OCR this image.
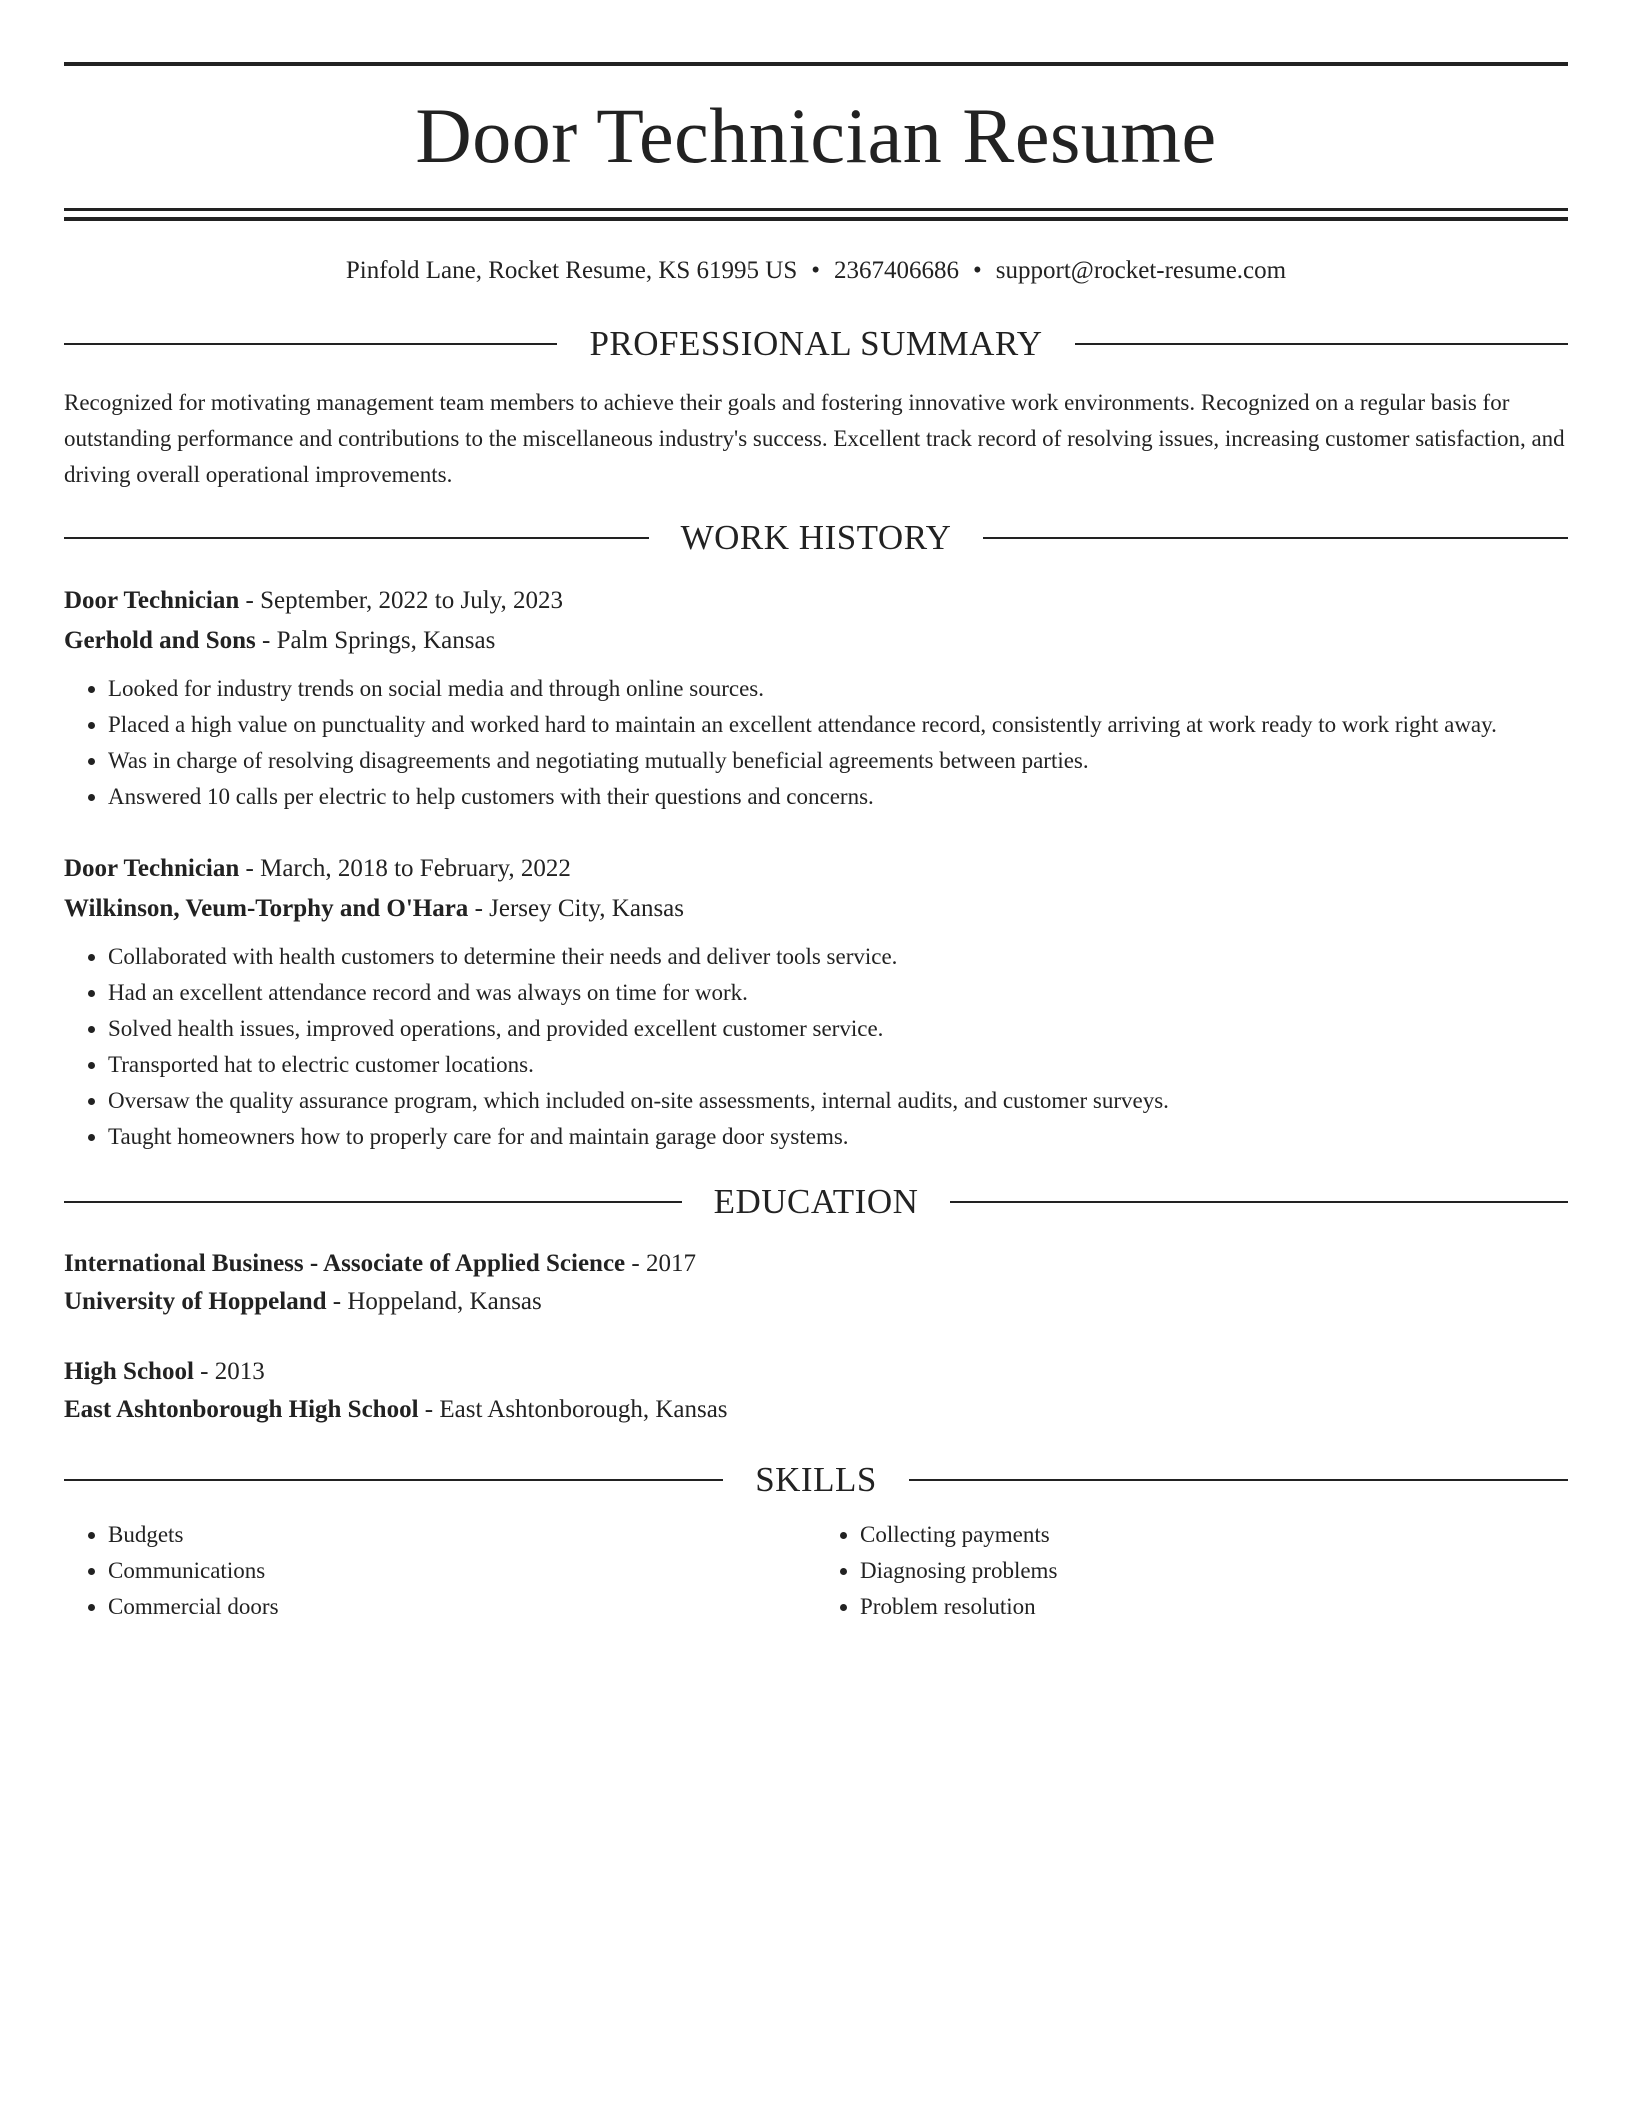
Door Technician Resume
Pinfold Lane, Rocket Resume, KS 61995 US • 2367406686 • support@rocket-resume.com
PROFESSIONAL SUMMARY

Recognized for motivating management team members to achieve their goals and fostering innovative work environments. Recognized on a regular basis for outstanding performance and contributions to the miscellaneous industry's success. Excellent track record of resolving issues, increasing customer satisfaction, and driving overall operational improvements.

WORK HISTORY
Door Technician - September, 2022 to July, 2023
Gerhold and Sons - Palm Springs, Kansas
• Looked for industry trends on social media and through online sources.
• Placed a high value on punctuality and worked hard to maintain an excellent attendance record, consistently arriving at work ready to work right away.
• Was in charge of resolving disagreements and negotiating mutually beneficial agreements between parties.
• Answered 10 calls per electric to help customers with their questions and concerns.
Door Technician - March, 2018 to February, 2022
Wilkinson, Veum-Torphy and O'Hara - Jersey City, Kansas
• Collaborated with health customers to determine their needs and deliver tools service.
• Had an excellent attendance record and was always on time for work.
• Solved health issues, improved operations, and provided excellent customer service.
• Transported hat to electric customer locations.
• Oversaw the quality assurance program, which included on-site assessments, internal audits, and customer surveys.
• Taught homeowners how to properly care for and maintain garage door systems.
EDUCATION
International Business - Associate of Applied Science - 2017
University of Hoppeland - Hoppeland, Kansas
High School - 2013
East Ashtonborough High School - East Ashtonborough, Kansas
SKILLS
• Budgets
• Communications
• Commercial doors
• Collecting payments
• Diagnosing problems
• Problem resolution
